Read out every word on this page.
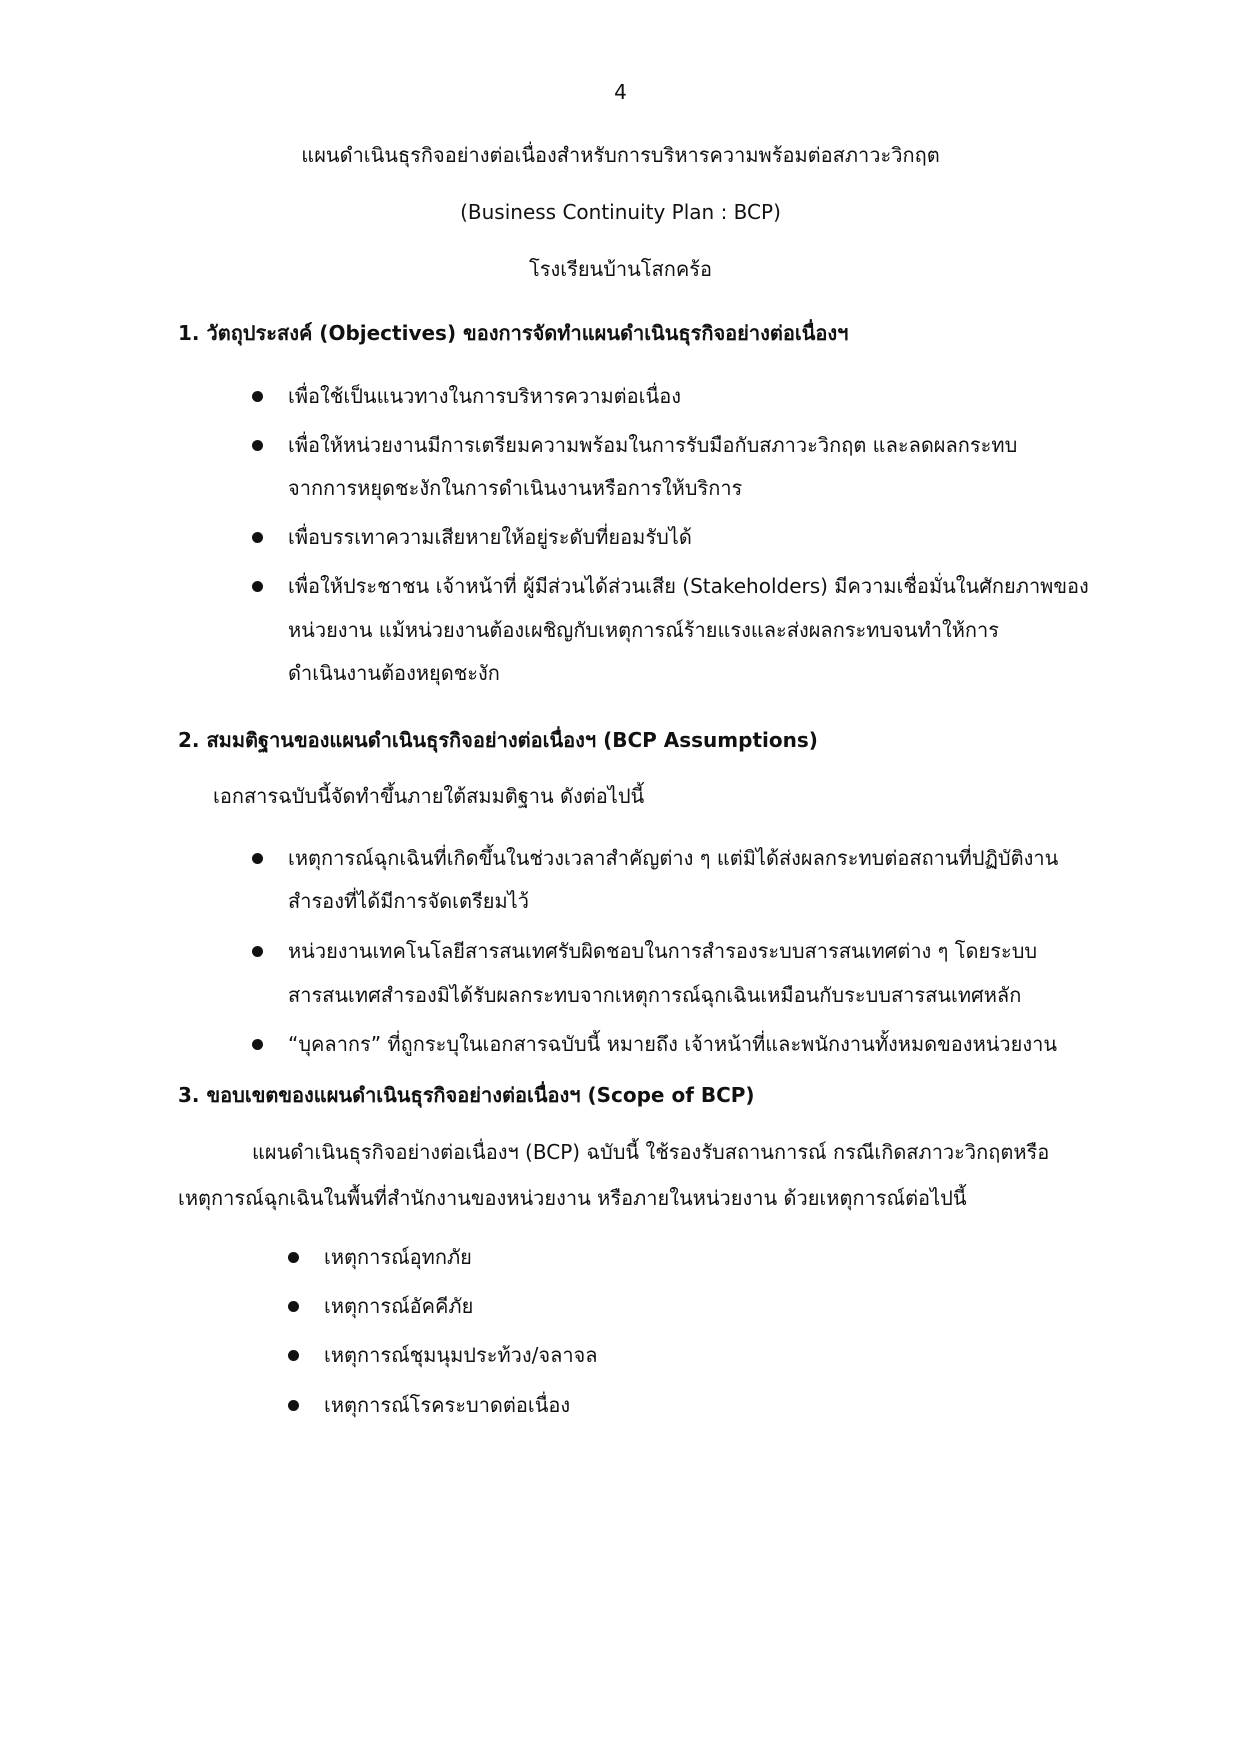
4
แผนดำเนินธุรกิจอย่างต่อเนื่องสำหรับการบริหารความพร้อมต่อสภาวะวิกฤต
(Business Continuity Plan : BCP)
โรงเรียนบ้านโสกคร้อ
1. วัตถุประสงค์ (Objectives) ของการจัดทำแผนดำเนินธุรกิจอย่างต่อเนื่องฯ
เพื่อใช้เป็นแนวทางในการบริหารความต่อเนื่อง
เพื่อให้หน่วยงานมีการเตรียมความพร้อมในการรับมือกับสภาวะวิกฤต และลดผลกระทบ
จากการหยุดชะงักในการดำเนินงานหรือการให้บริการ
เพื่อบรรเทาความเสียหายให้อยู่ระดับที่ยอมรับได้
เพื่อให้ประชาชน เจ้าหน้าที่ ผู้มีส่วนได้ส่วนเสีย (Stakeholders) มีความเชื่อมั่นในศักยภาพของ
หน่วยงาน แม้หน่วยงานต้องเผชิญกับเหตุการณ์ร้ายแรงและส่งผลกระทบจนทำให้การ
ดำเนินงานต้องหยุดชะงัก
2. สมมติฐานของแผนดำเนินธุรกิจอย่างต่อเนื่องฯ (BCP Assumptions)
เอกสารฉบับนี้จัดทำขึ้นภายใต้สมมติฐาน ดังต่อไปนี้
เหตุการณ์ฉุกเฉินที่เกิดขึ้นในช่วงเวลาสำคัญต่าง ๆ แต่มิได้ส่งผลกระทบต่อสถานที่ปฏิบัติงาน
สำรองที่ได้มีการจัดเตรียมไว้
หน่วยงานเทคโนโลยีสารสนเทศรับผิดชอบในการสำรองระบบสารสนเทศต่าง ๆ โดยระบบ
สารสนเทศสำรองมิได้รับผลกระทบจากเหตุการณ์ฉุกเฉินเหมือนกับระบบสารสนเทศหลัก
“บุคลากร” ที่ถูกระบุในเอกสารฉบับนี้ หมายถึง เจ้าหน้าที่และพนักงานทั้งหมดของหน่วยงาน
3. ขอบเขตของแผนดำเนินธุรกิจอย่างต่อเนื่องฯ (Scope of BCP)
แผนดำเนินธุรกิจอย่างต่อเนื่องฯ (BCP) ฉบับนี้ ใช้รองรับสถานการณ์ กรณีเกิดสภาวะวิกฤตหรือ
เหตุการณ์ฉุกเฉินในพื้นที่สำนักงานของหน่วยงาน หรือภายในหน่วยงาน ด้วยเหตุการณ์ต่อไปนี้
เหตุการณ์อุทกภัย
เหตุการณ์อัคคีภัย
เหตุการณ์ชุมนุมประท้วง/จลาจล
เหตุการณ์โรคระบาดต่อเนื่อง
